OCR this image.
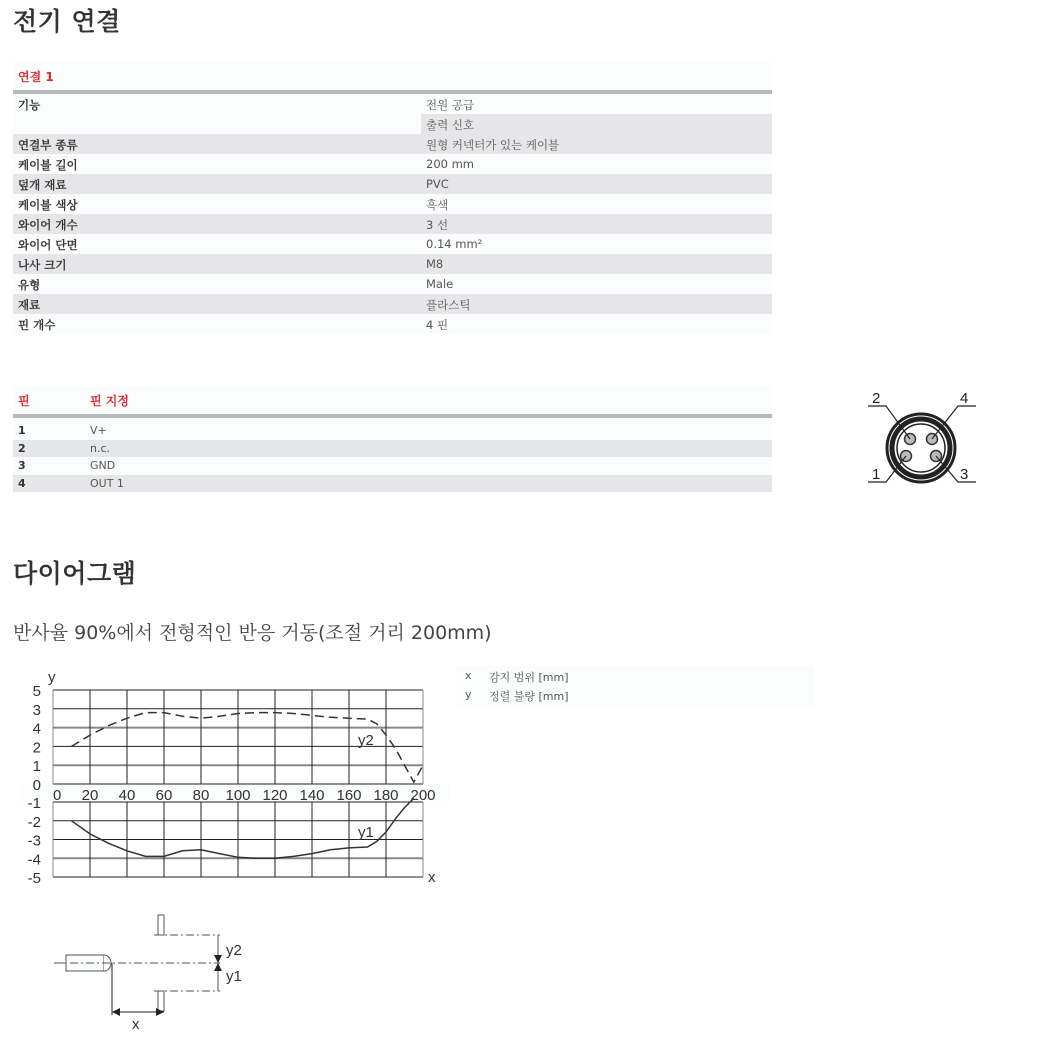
전기 연결
연결 1
기능	전원 공급
출력 신호
연결부 종류	원형 커넥터가 있는 케이블
케이블 길이	200 mm
덮개 재료	PVC
케이블 색상	흑색
와이어 개수	3 선
와이어 단면	0.14 mm²
나사 크기	M8
유형	Male
재료	플라스틱
핀 개수	4 핀
핀	핀 지정
1	V+
2	n.c.
3	GND
4	OUT 1
2	4
1	3
다이어그램
반사율 90%에서 전형적인 반응 거동(조절 거리 200mm)
0 20 40 60 80 100 120 140 160 180 200
5
3
4
2
1
0
-1
-2
-3
-4
-5
y
x
y2
y1
x 감지 범위 [mm]
y 정렬 불량 [mm]
y2
y1
x
